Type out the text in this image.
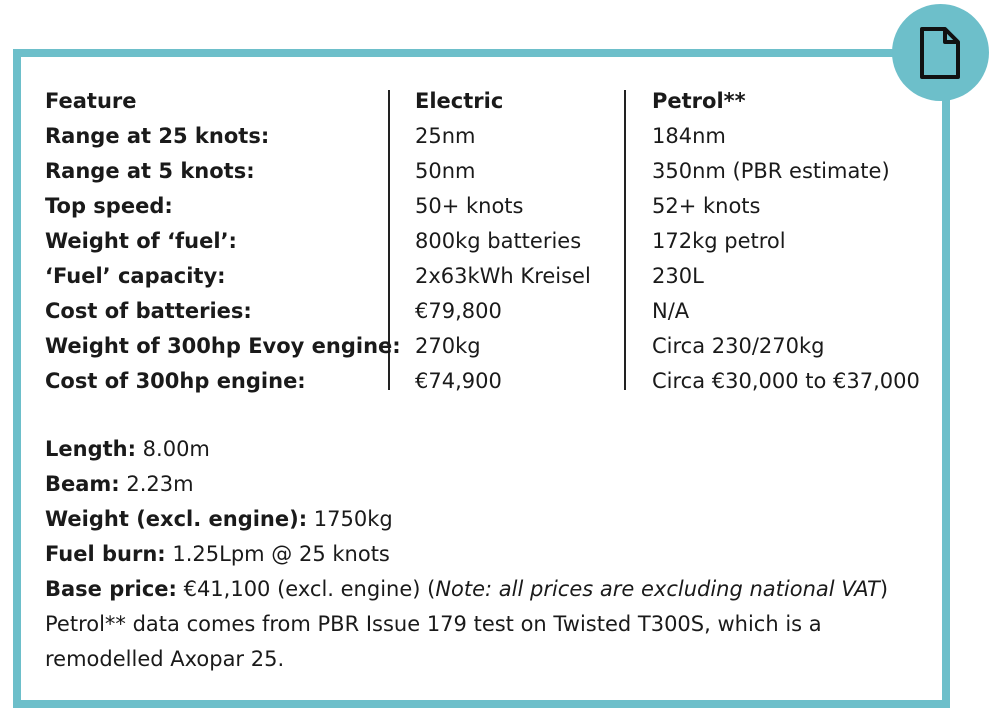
Feature	Electric	Petrol**
Range at 25 knots:	25nm	184nm
Range at 5 knots:	50nm	350nm (PBR estimate)
Top speed:	50+ knots	52+ knots
Weight of ‘fuel’:	800kg batteries	172kg petrol
‘Fuel’ capacity:	2x63kWh Kreisel	230L
Cost of batteries:	€79,800	N/A
Weight of 300hp Evoy engine: 270kg	Circa 230/270kg
Cost of 300hp engine:	€74,900	Circa €30,000 to €37,000
Length: 8.00m
Beam: 2.23m
Weight (excl. engine): 1750kg
Fuel burn: 1.25Lpm @ 25 knots
Base price: €41,100 (excl. engine) (Note: all prices are excluding national VAT)
Petrol** data comes from PBR Issue 179 test on Twisted T300S, which is a
remodelled Axopar 25.
